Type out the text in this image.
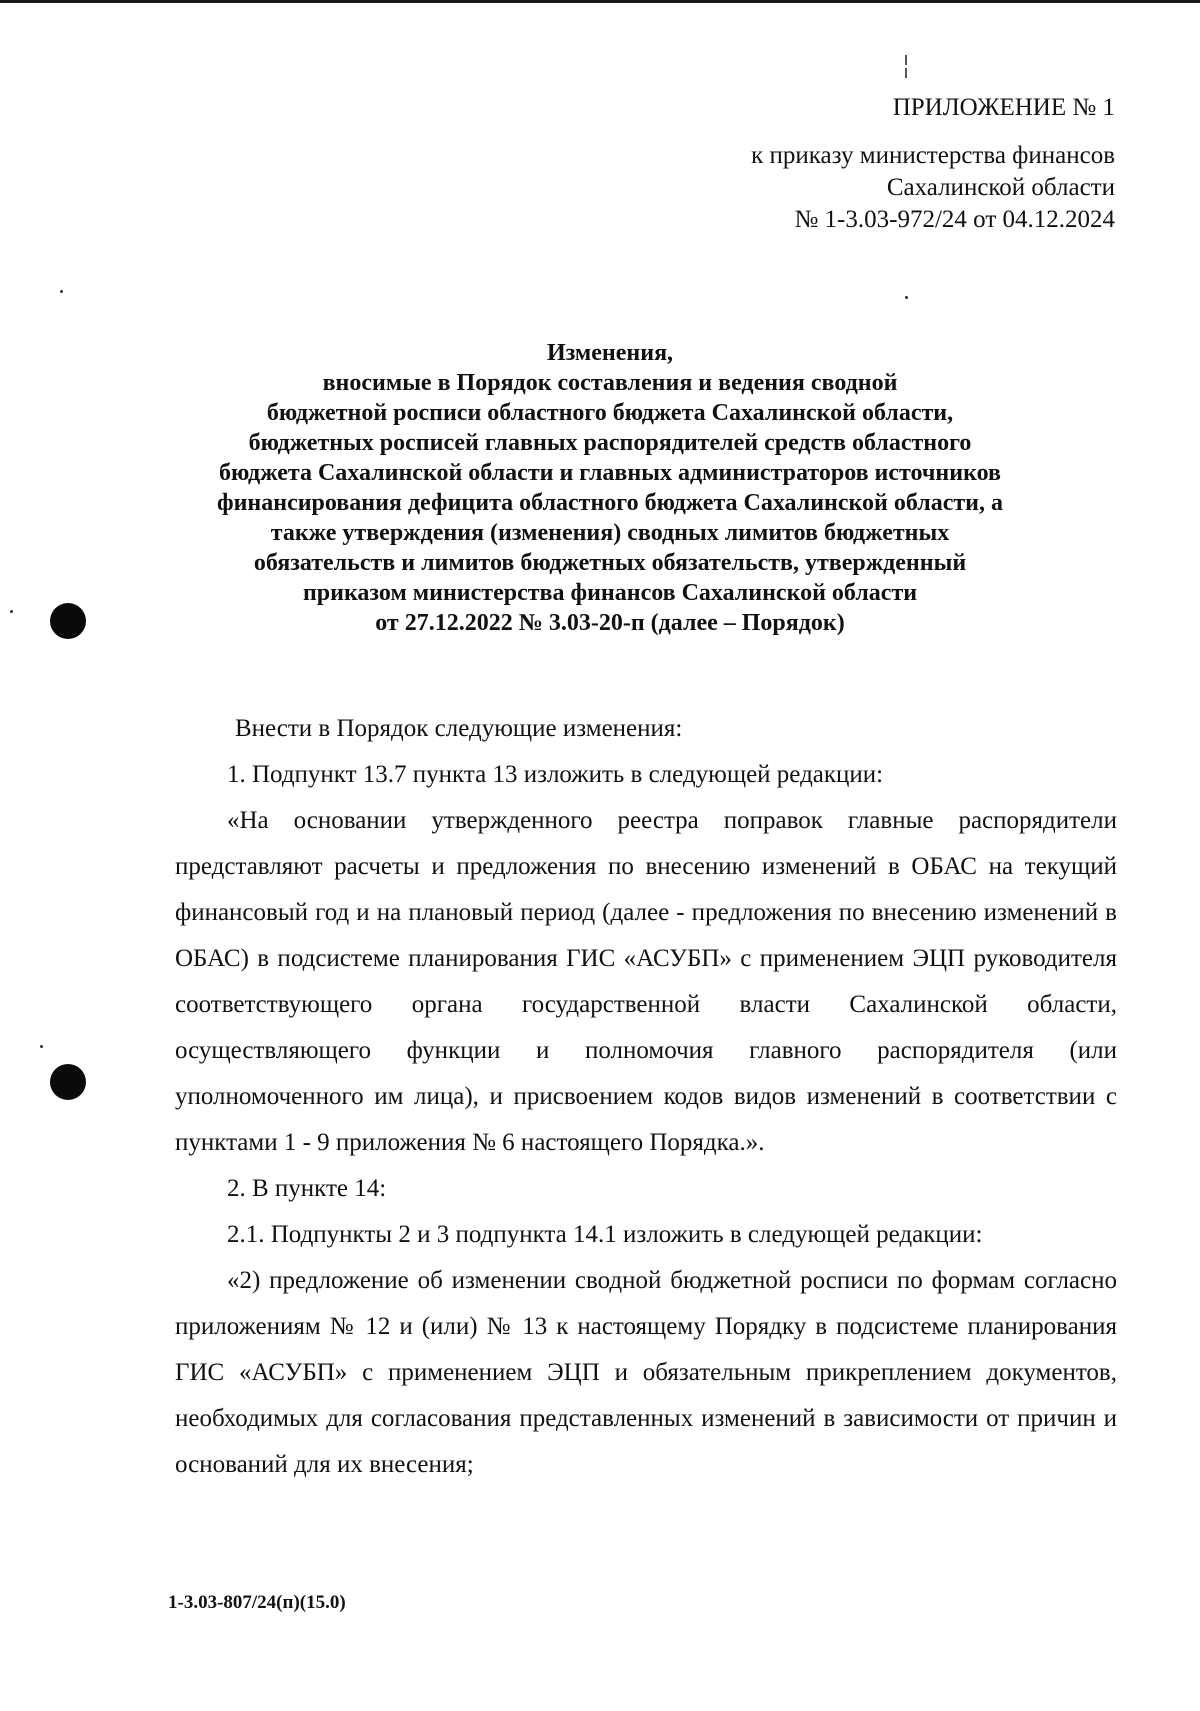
ПРИЛОЖЕНИЕ № 1
к приказу министерства финансов
Сахалинской области
№ 1-3.03-972/24 от 04.12.2024
Изменения,
вносимые в Порядок составления и ведения сводной
бюджетной росписи областного бюджета Сахалинской области,
бюджетных росписей главных распорядителей средств областного
бюджета Сахалинской области и главных администраторов источников
финансирования дефицита областного бюджета Сахалинской области, а
также утверждения (изменения) сводных лимитов бюджетных
обязательств и лимитов бюджетных обязательств, утвержденный
приказом министерства финансов Сахалинской области
от 27.12.2022 № 3.03-20-п (далее – Порядок)

Внести в Порядок следующие изменения:

1. Подпункт 13.7 пункта 13 изложить в следующей редакции:

«На основании утвержденного реестра поправок главные распорядители представляют расчеты и предложения по внесению изменений в ОБАС на текущий финансовый год и на плановый период (далее - предложения по внесению изменений в ОБАС) в подсистеме планирования ГИС «АСУБП» с применением ЭЦП руководителя соответствующего органа государственной власти Сахалинской области, осуществляющего функции и полномочия главного распорядителя (или уполномоченного им лица), и присвоением кодов видов изменений в соответствии с пунктами 1 - 9 приложения № 6 настоящего Порядка.».

2. В пункте 14:

2.1. Подпункты 2 и 3 подпункта 14.1 изложить в следующей редакции:

«2) предложение об изменении сводной бюджетной росписи по формам согласно приложениям № 12 и (или) № 13 к настоящему Порядку в подсистеме планирования ГИС «АСУБП» с применением ЭЦП и обязательным прикреплением документов, необходимых для согласования представленных изменений в зависимости от причин и оснований для их внесения;

1-3.03-807/24(п)(15.0)
